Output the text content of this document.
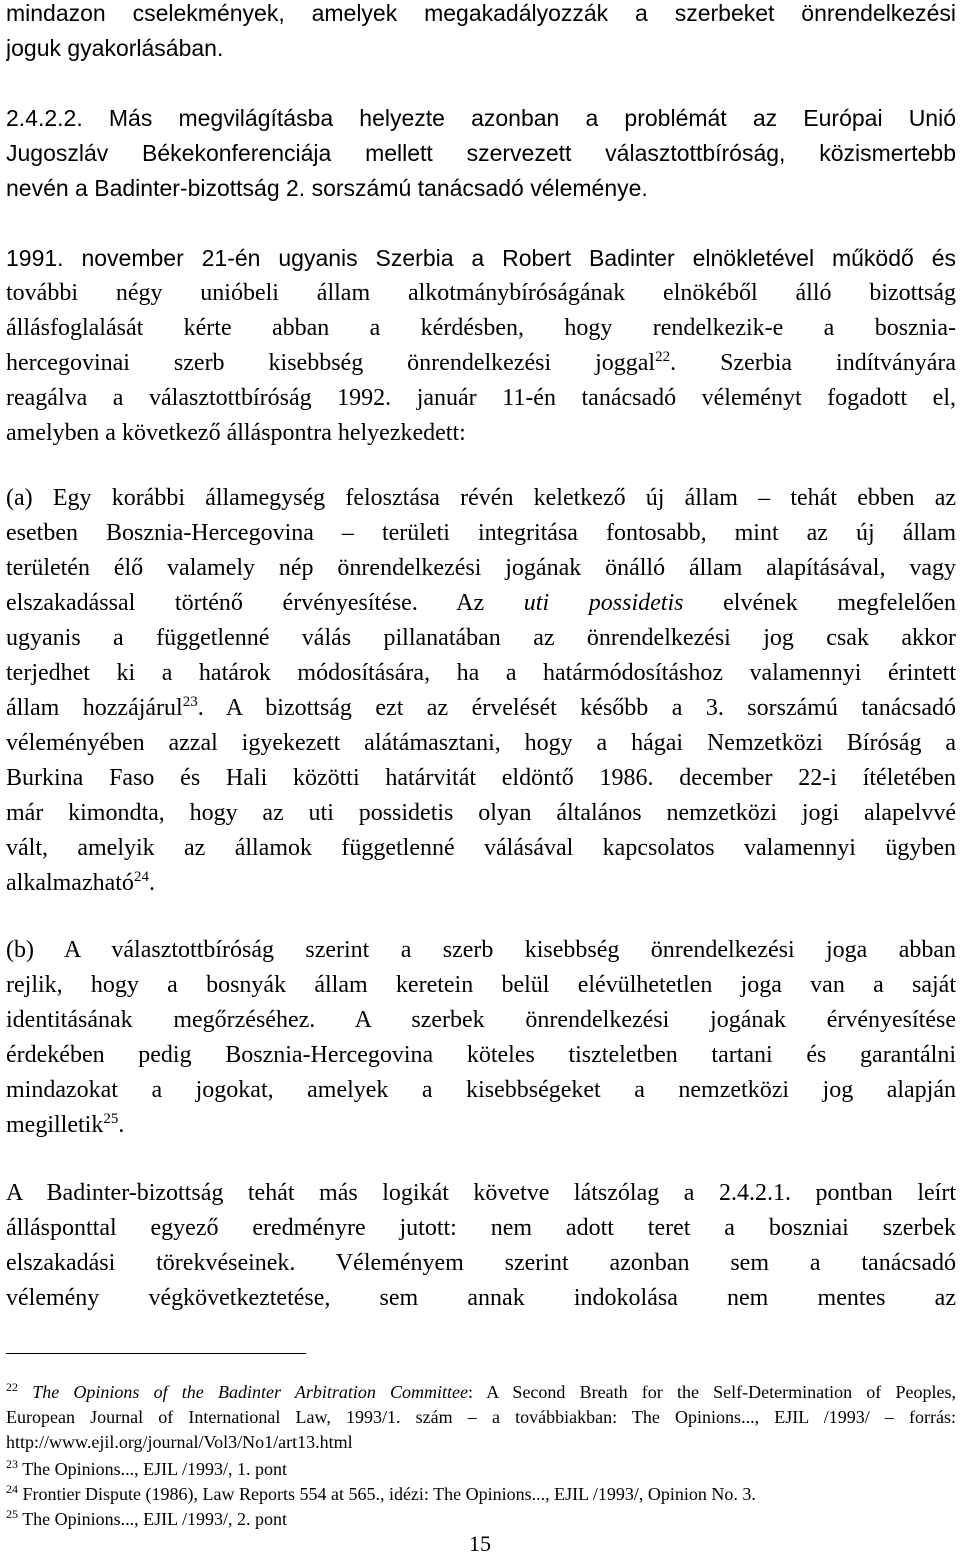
mindazon cselekmények, amelyek megakadályozzák a szerbeket önrendelkezési
joguk gyakorlásában.
2.4.2.2. Más megvilágításba helyezte azonban a problémát az Európai Unió
Jugoszláv Békekonferenciája mellett szervezett választottbíróság, közismertebb
nevén a Badinter-bizottság 2. sorszámú tanácsadó véleménye.
1991. november 21-én ugyanis Szerbia a Robert Badinter elnökletével működő és
további négy unióbeli állam alkotmánybíróságának elnökéből álló bizottság
állásfoglalását kérte abban a kérdésben, hogy rendelkezik-e a bosznia-
hercegovinai szerb kisebbség önrendelkezési joggal$^{22}$. Szerbia indítványára
reagálva a választottbíróság 1992. január 11-én tanácsadó véleményt fogadott el,
amelyben a következő álláspontra helyezkedett:
(a) Egy korábbi államegység felosztása révén keletkező új állam – tehát ebben az
esetben Bosznia-Hercegovina – területi integritása fontosabb, mint az új állam
területén élő valamely nép önrendelkezési jogának önálló állam alapításával, vagy
elszakadással történő érvényesítése. Az uti possidetis elvének megfelelően
ugyanis a függetlenné válás pillanatában az önrendelkezési jog csak akkor
terjedhet ki a határok módosítására, ha a határmódosításhoz valamennyi érintett
állam hozzájárul$^{23}$. A bizottság ezt az érvelését később a 3. sorszámú tanácsadó
véleményében azzal igyekezett alátámasztani, hogy a hágai Nemzetközi Bíróság a
Burkina Faso és Hali közötti határvitát eldöntő 1986. december 22-i ítéletében
már kimondta, hogy az uti possidetis olyan általános nemzetközi jogi alapelvvé
vált, amelyik az államok függetlenné válásával kapcsolatos valamennyi ügyben
alkalmazható$^{24}$.
(b) A választottbíróság szerint a szerb kisebbség önrendelkezési joga abban
rejlik, hogy a bosnyák állam keretein belül elévülhetetlen joga van a saját
identitásának megőrzéséhez. A szerbek önrendelkezési jogának érvényesítése
érdekében pedig Bosznia-Hercegovina köteles tiszteletben tartani és garantálni
mindazokat a jogokat, amelyek a kisebbségeket a nemzetközi jog alapján
megilletik$^{25}$.
A Badinter-bizottság tehát más logikát követve látszólag a 2.4.2.1. pontban leírt
állásponttal egyező eredményre jutott: nem adott teret a boszniai szerbek
elszakadási törekvéseinek. Véleményem szerint azonban sem a tanácsadó
vélemény végkövetkeztetése, sem annak indokolása nem mentes az
$^{22}$ The Opinions of the Badinter Arbitration Committee: A Second Breath for the Self-Determination of Peoples,
European Journal of International Law, 1993/1. szám – a továbbiakban: The Opinions..., EJIL /1993/ – forrás:
http://www.ejil.org/journal/Vol3/No1/art13.html
$^{23}$ The Opinions..., EJIL /1993/, 1. pont
$^{24}$ Frontier Dispute (1986), Law Reports 554 at 565., idézi: The Opinions..., EJIL /1993/, Opinion No. 3.
$^{25}$ The Opinions..., EJIL /1993/, 2. pont
15
